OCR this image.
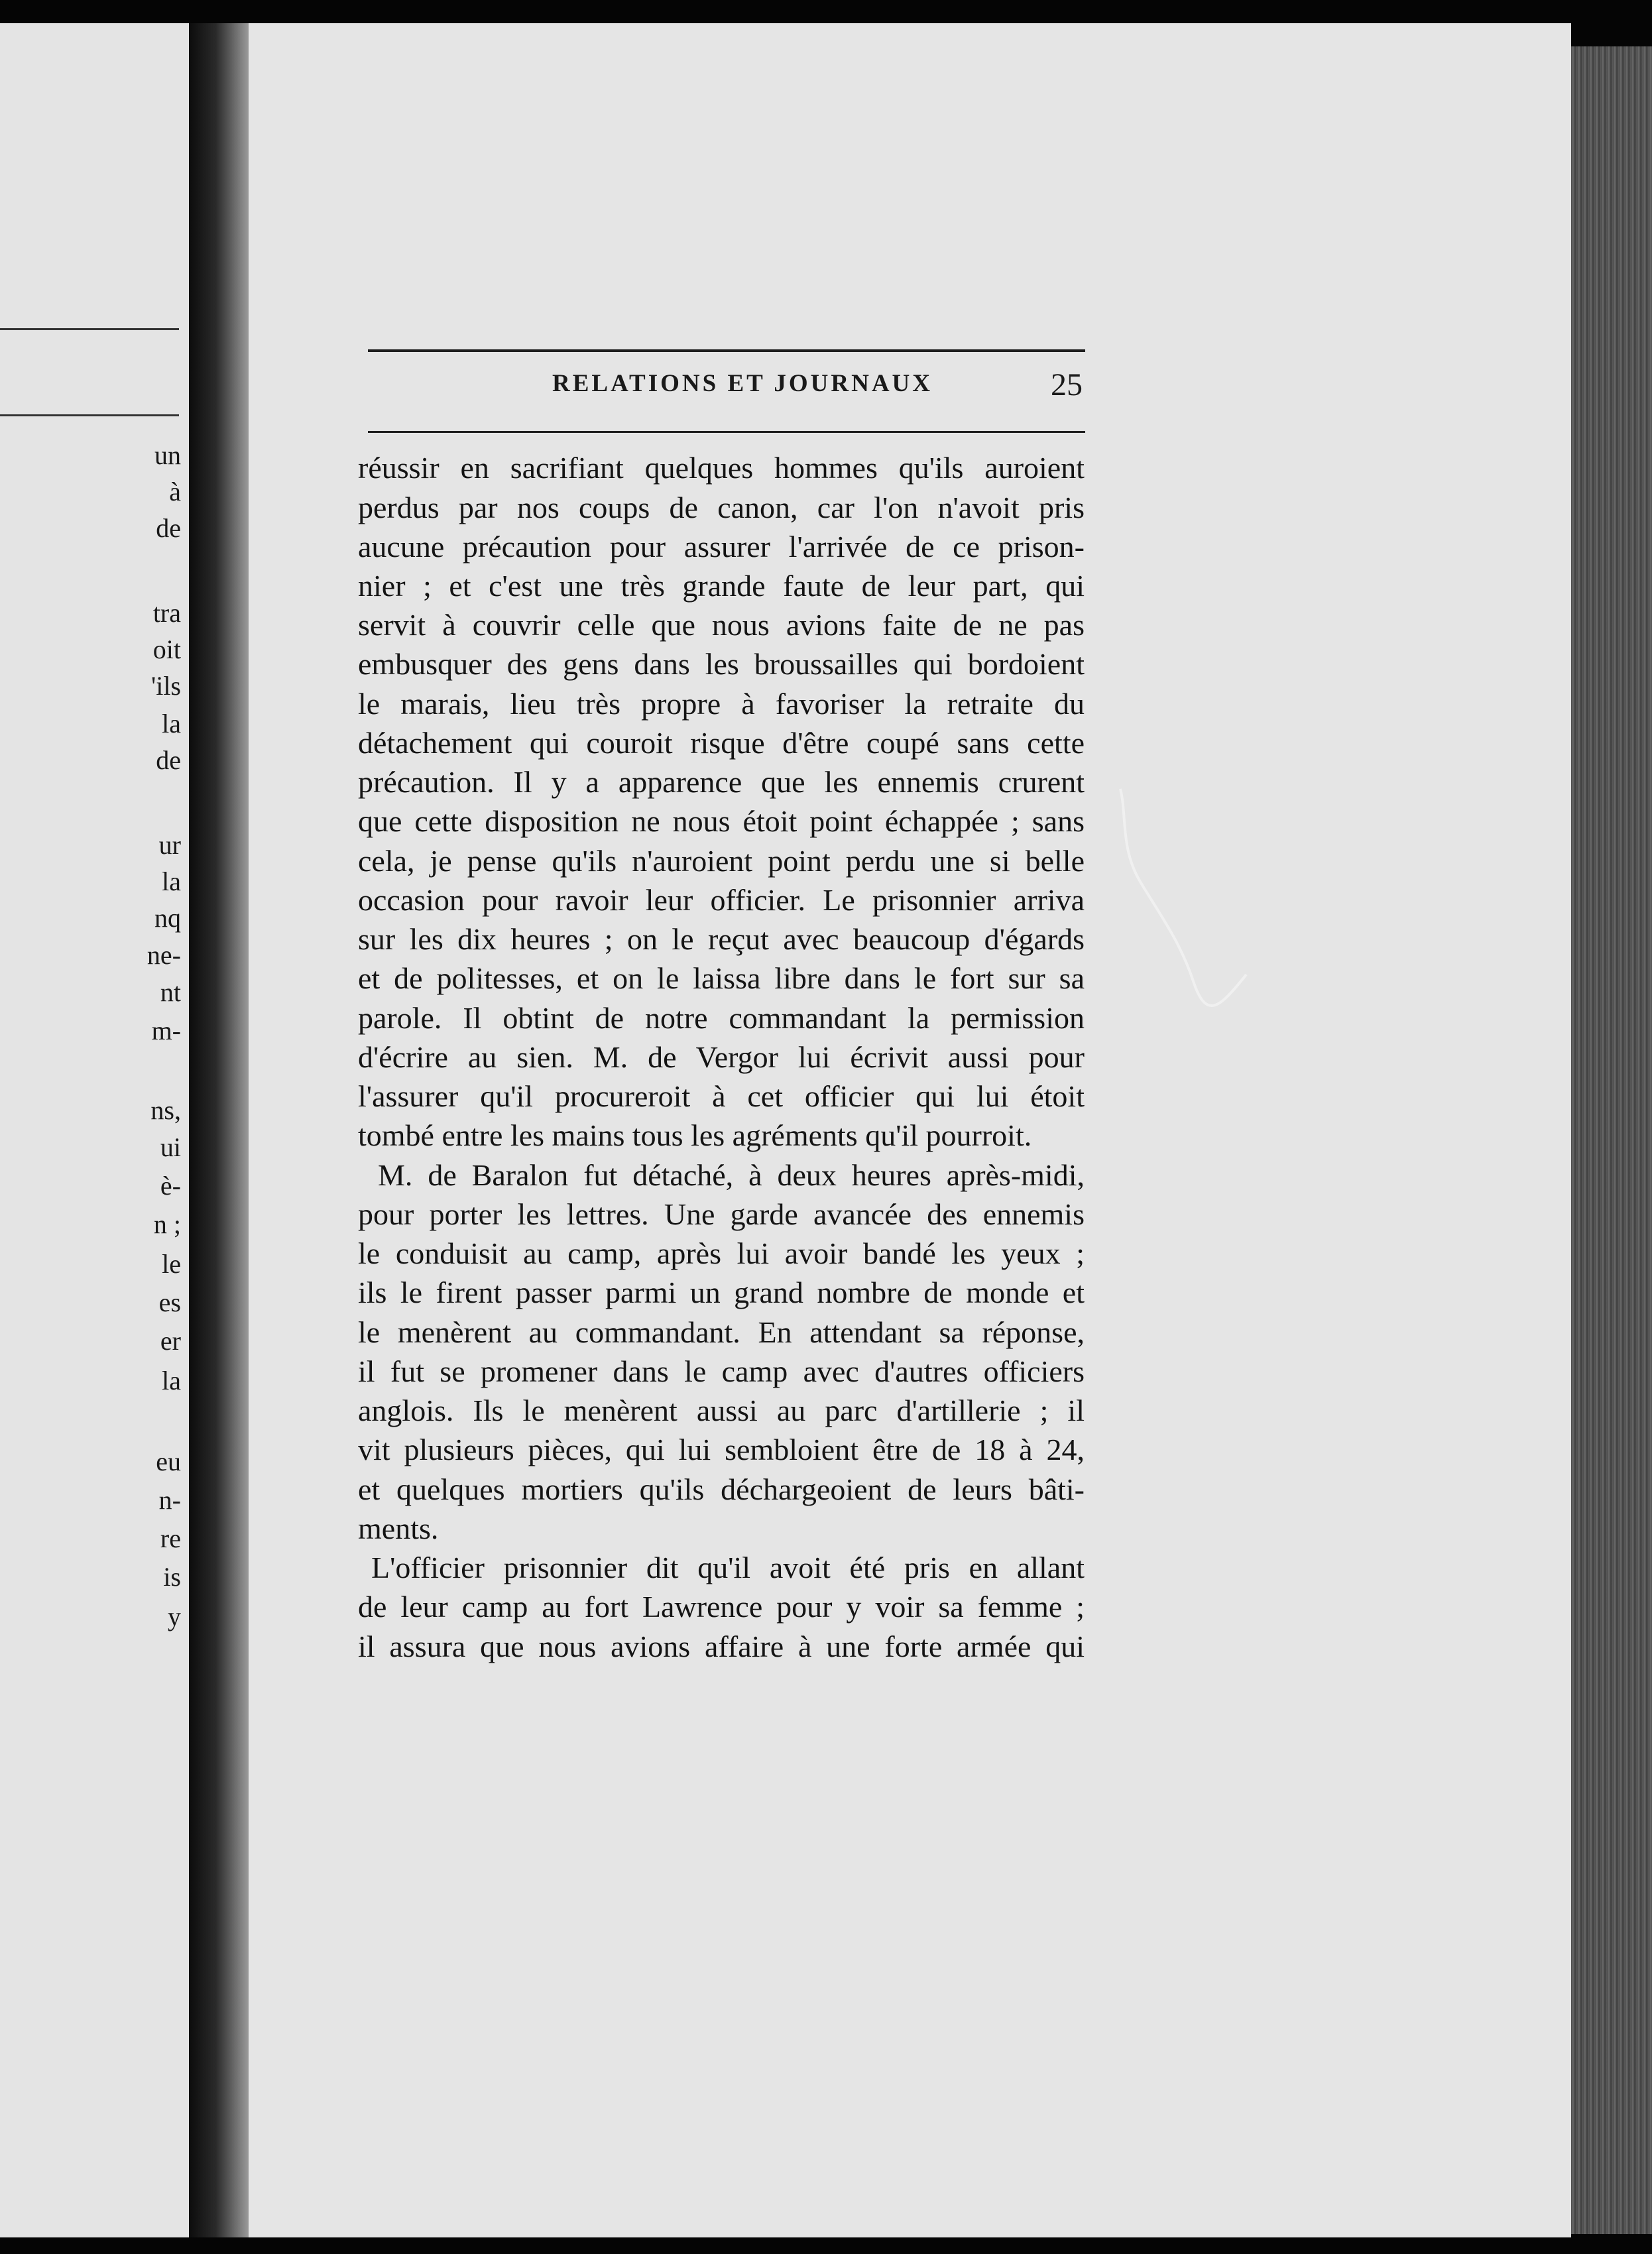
un
à
de
tra
oit
'ils
la
de
ur
la
nq
ne-
nt
m-
ns,
ui
è-
n ;
le
es
er
la
eu
n-
re
is
y
RELATIONS ET JOURNAUX	25
réussir en sacrifiant quelques hommes qu'ils auroient
perdus par nos coups de canon, car l'on n'avoit pris
aucune précaution pour assurer l'arrivée de ce prison-
nier ; et c'est une très grande faute de leur part, qui
servit à couvrir celle que nous avions faite de ne pas
embusquer des gens dans les broussailles qui bordoient
le marais, lieu très propre à favoriser la retraite du
détachement qui couroit risque d'être coupé sans cette
précaution. Il y a apparence que les ennemis crurent
que cette disposition ne nous étoit point échappée ; sans
cela, je pense qu'ils n'auroient point perdu une si belle
occasion pour ravoir leur officier. Le prisonnier arriva
sur les dix heures ; on le reçut avec beaucoup d'égards
et de politesses, et on le laissa libre dans le fort sur sa
parole. Il obtint de notre commandant la permission
d'écrire au sien. M. de Vergor lui écrivit aussi pour
l'assurer qu'il procureroit à cet officier qui lui étoit
tombé entre les mains tous les agréments qu'il pourroit.
M. de Baralon fut détaché, à deux heures après-midi,
pour porter les lettres. Une garde avancée des ennemis
le conduisit au camp, après lui avoir bandé les yeux ;
ils le firent passer parmi un grand nombre de monde et
le menèrent au commandant. En attendant sa réponse,
il fut se promener dans le camp avec d'autres officiers
anglois. Ils le menèrent aussi au parc d'artillerie ; il
vit plusieurs pièces, qui lui sembloient être de 18 à 24,
et quelques mortiers qu'ils déchargeoient de leurs bâti-
ments.
L'officier prisonnier dit qu'il avoit été pris en allant
de leur camp au fort Lawrence pour y voir sa femme ;
il assura que nous avions affaire à une forte armée qui
